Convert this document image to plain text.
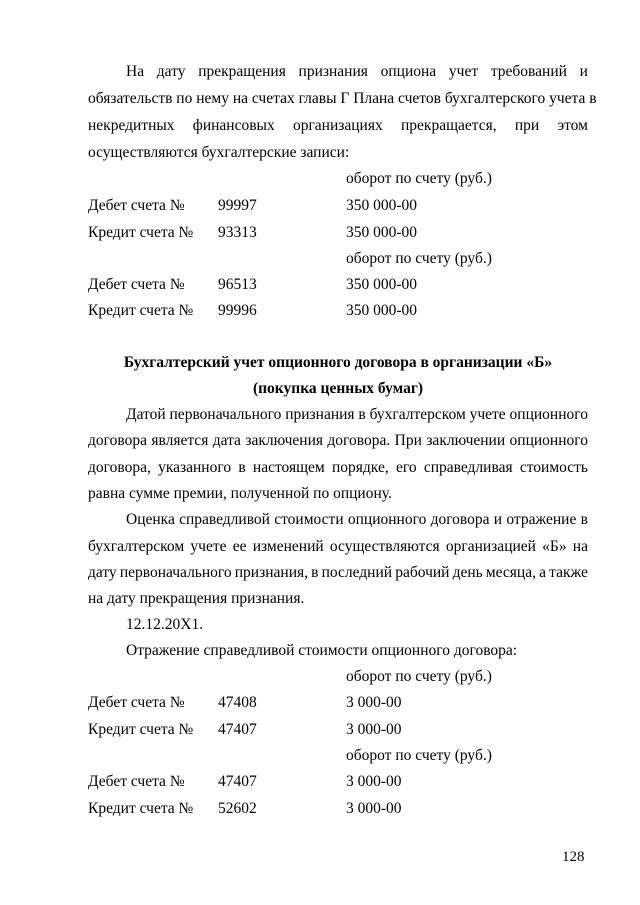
На дату прекращения признания опциона учет требований и
обязательств по нему на счетах главы Г Плана счетов бухгалтерского учета в
некредитных финансовых организациях прекращается, при этом
осуществляются бухгалтерские записи:
оборот по счету (руб.)
Дебет счета № 99997	350 000-00
Кредит счета № 93313	350 000-00
оборот по счету (руб.)
Дебет счета № 96513	350 000-00
Кредит счета № 99996	350 000-00
Бухгалтерский учет опционного договора в организации «Б»
(покупка ценных бумаг)
Датой первоначального признания в бухгалтерском учете опционного
договора является дата заключения договора. При заключении опционного
договора, указанного в настоящем порядке, его справедливая стоимость
равна сумме премии, полученной по опциону.
Оценка справедливой стоимости опционного договора и отражение в
бухгалтерском учете ее изменений осуществляются организацией «Б» на
дату первоначального признания, в последний рабочий день месяца, а также
на дату прекращения признания.
12.12.20X1.
Отражение справедливой стоимости опционного договора:
оборот по счету (руб.)
Дебет счета № 47408	3 000-00
Кредит счета № 47407	3 000-00
оборот по счету (руб.)
Дебет счета № 47407	3 000-00
Кредит счета № 52602	3 000-00
128
